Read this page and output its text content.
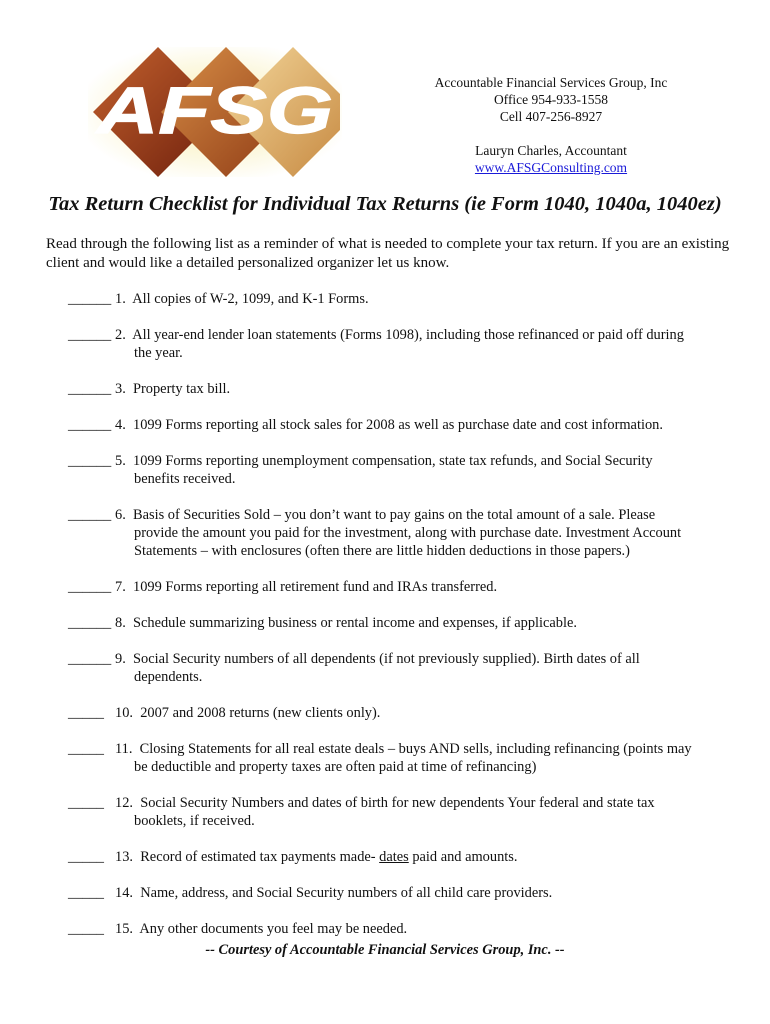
AFSG	Accountable Financial Services Group, Inc
Office 954-933-1558
Cell 407-256-8927
Lauryn Charles, Accountant
www.AFSGConsulting.com
Tax Return Checklist for Individual Tax Returns (ie Form 1040, 1040a, 1040ez)
Read through the following list as a reminder of what is needed to complete your tax return. If you are an existing client and would like a detailed personalized organizer let us know.
______ 1. All copies of W-2, 1099, and K-1 Forms.
______ 2. All year-end lender loan statements (Forms 1098), including those refinanced or paid off during
the year.
______ 3. Property tax bill.
______ 4. 1099 Forms reporting all stock sales for 2008 as well as purchase date and cost information.
______ 5. 1099 Forms reporting unemployment compensation, state tax refunds, and Social Security
benefits received.
______ 6. Basis of Securities Sold – you don’t want to pay gains on the total amount of a sale. Please
provide the amount you paid for the investment, along with purchase date. Investment Account
Statements – with enclosures (often there are little hidden deductions in those papers.)
______ 7. 1099 Forms reporting all retirement fund and IRAs transferred.
______ 8. Schedule summarizing business or rental income and expenses, if applicable.
______ 9. Social Security numbers of all dependents (if not previously supplied). Birth dates of all
dependents.
_____ 10. 2007 and 2008 returns (new clients only).
_____ 11. Closing Statements for all real estate deals – buys AND sells, including refinancing (points may
be deductible and property taxes are often paid at time of refinancing)
_____ 12. Social Security Numbers and dates of birth for new dependents Your federal and state tax
booklets, if received.
_____ 13. Record of estimated tax payments made- dates paid and amounts.
_____ 14. Name, address, and Social Security numbers of all child care providers.
_____ 15. Any other documents you feel may be needed.
-- Courtesy of Accountable Financial Services Group, Inc. --
